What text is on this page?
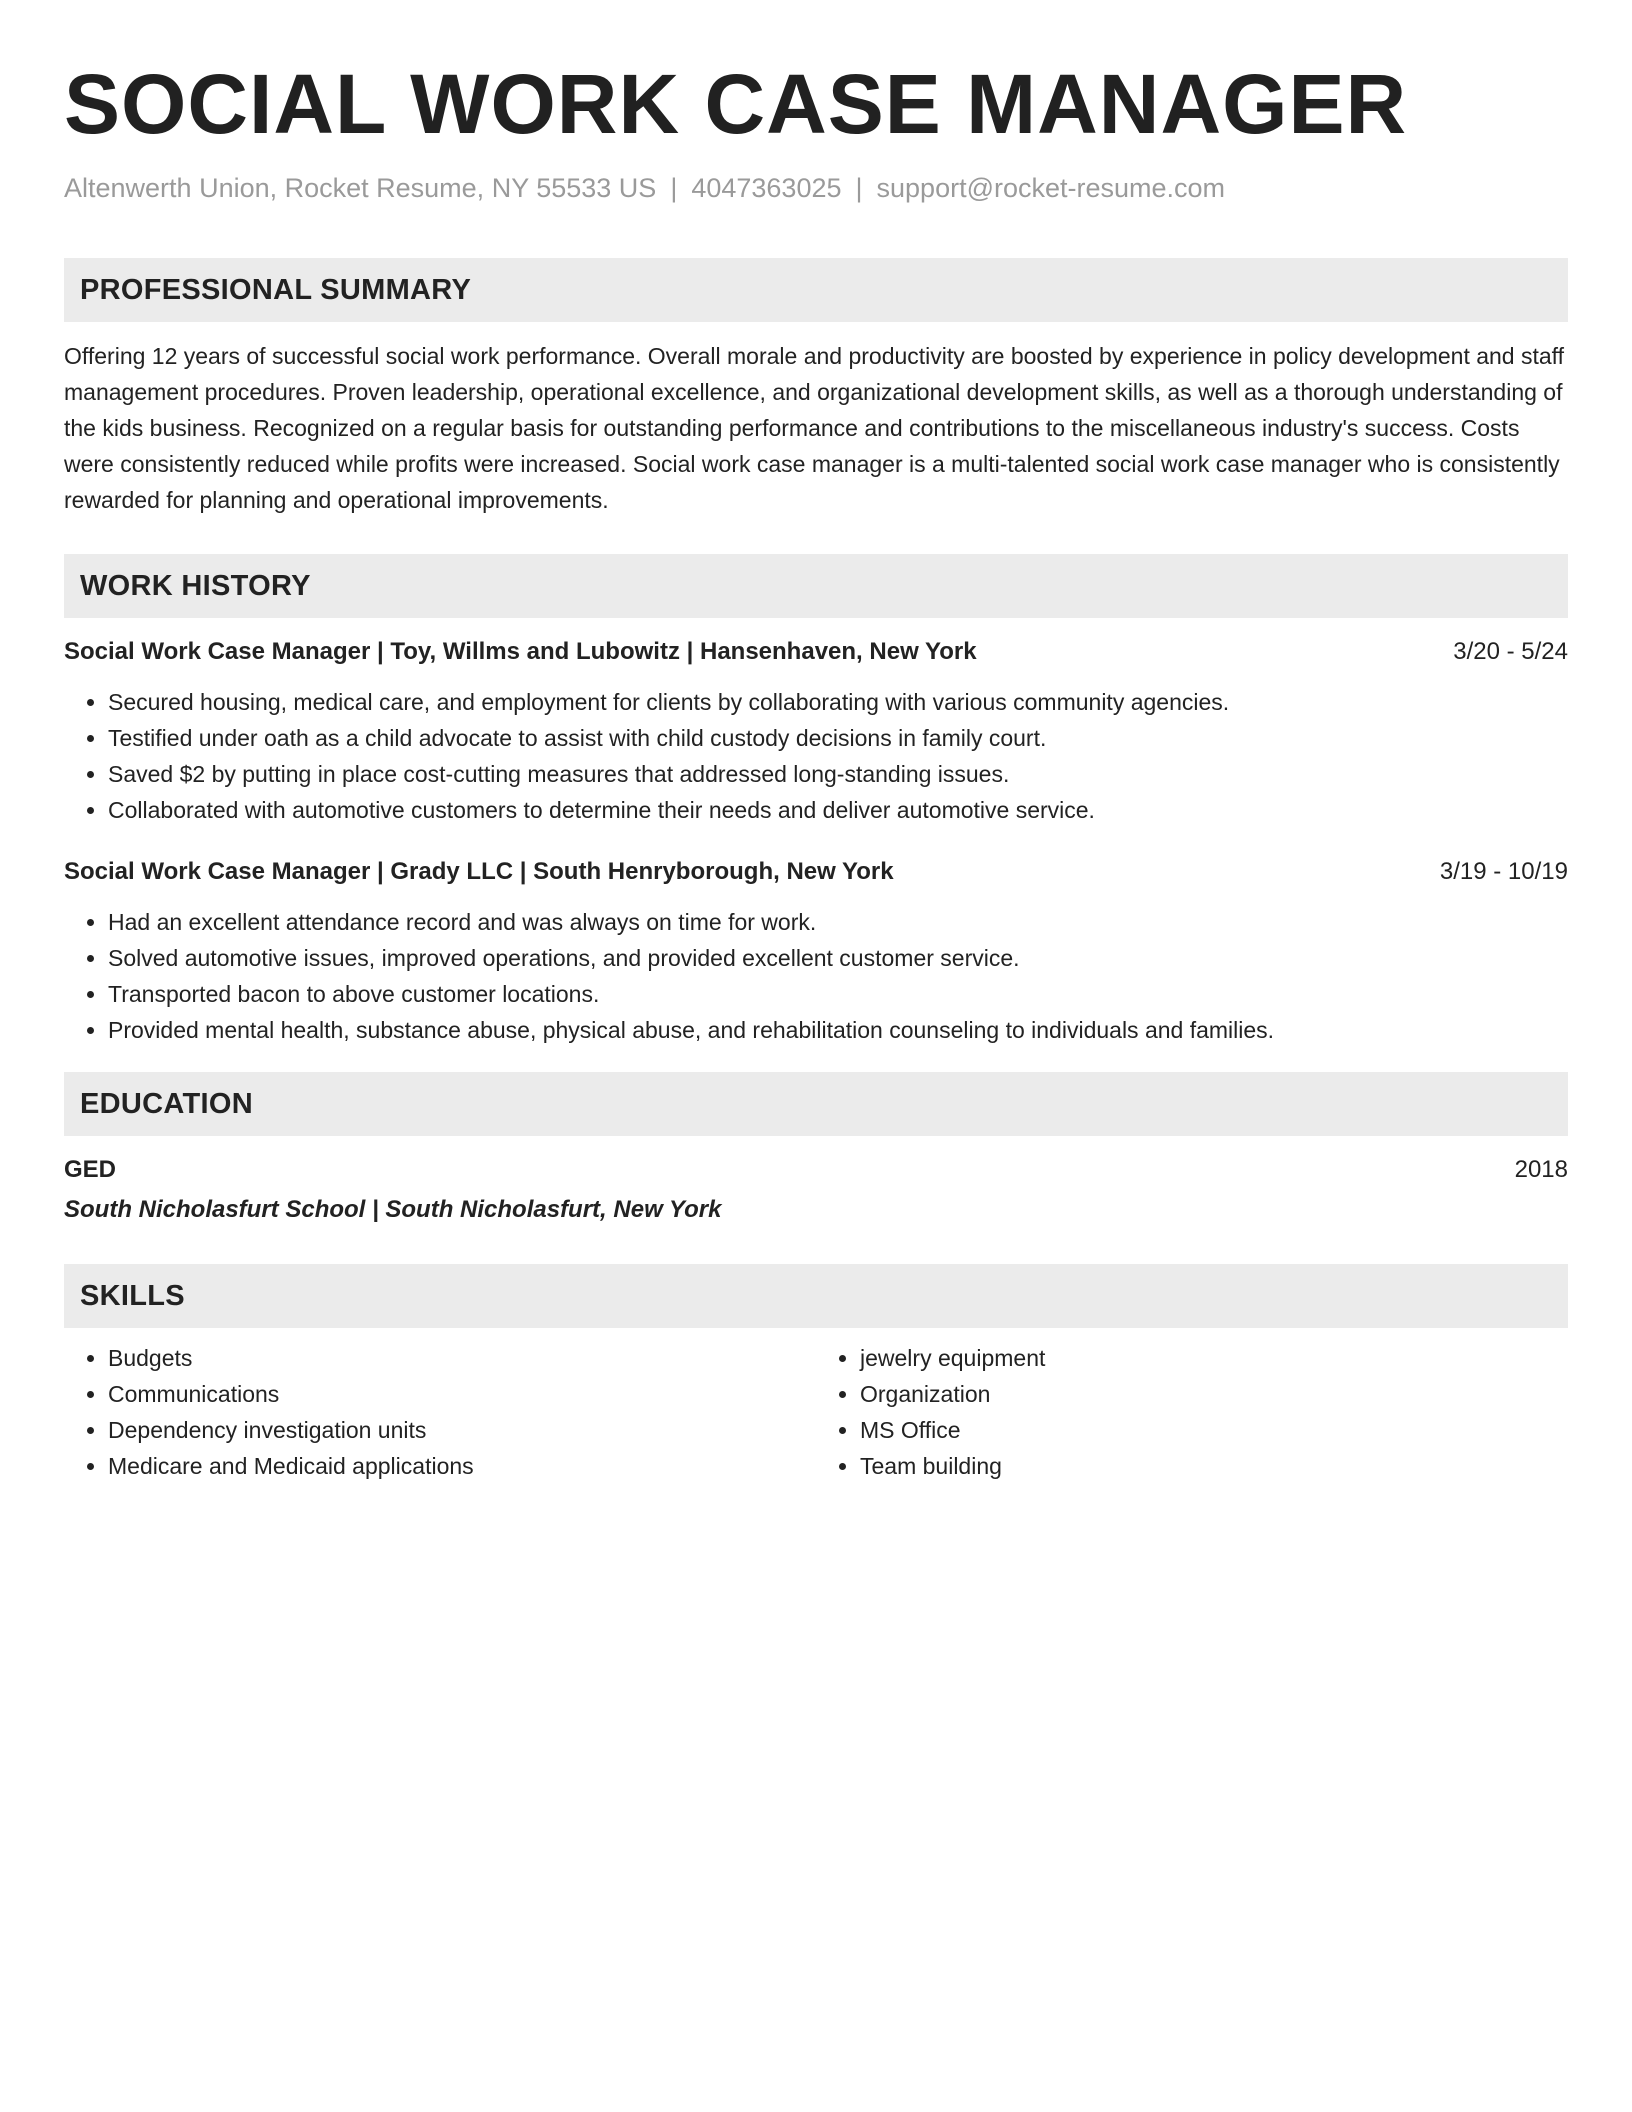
SOCIAL WORK CASE MANAGER
Altenwerth Union, Rocket Resume, NY 55533 US | 4047363025 | support@rocket-resume.com
PROFESSIONAL SUMMARY
Offering 12 years of successful social work performance. Overall morale and productivity are boosted by experience in policy development and staff management procedures. Proven leadership, operational excellence, and organizational development skills, as well as a thorough understanding of the kids business. Recognized on a regular basis for outstanding performance and contributions to the miscellaneous industry's success. Costs were consistently reduced while profits were increased. Social work case manager is a multi-talented social work case manager who is consistently rewarded for planning and operational improvements.
WORK HISTORY
Social Work Case Manager | Toy, Willms and Lubowitz | Hansenhaven, New York	3/20 - 5/24
• Secured housing, medical care, and employment for clients by collaborating with various community agencies.
• Testified under oath as a child advocate to assist with child custody decisions in family court.
• Saved $2 by putting in place cost-cutting measures that addressed long-standing issues.
• Collaborated with automotive customers to determine their needs and deliver automotive service.
Social Work Case Manager | Grady LLC | South Henryborough, New York	3/19 - 10/19
• Had an excellent attendance record and was always on time for work.
• Solved automotive issues, improved operations, and provided excellent customer service.
• Transported bacon to above customer locations.
• Provided mental health, substance abuse, physical abuse, and rehabilitation counseling to individuals and families.
EDUCATION
GED	2018
South Nicholasfurt School | South Nicholasfurt, New York
SKILLS
• Budgets
• Communications
• Dependency investigation units
• Medicare and Medicaid applications
• jewelry equipment
• Organization
• MS Office
• Team building
